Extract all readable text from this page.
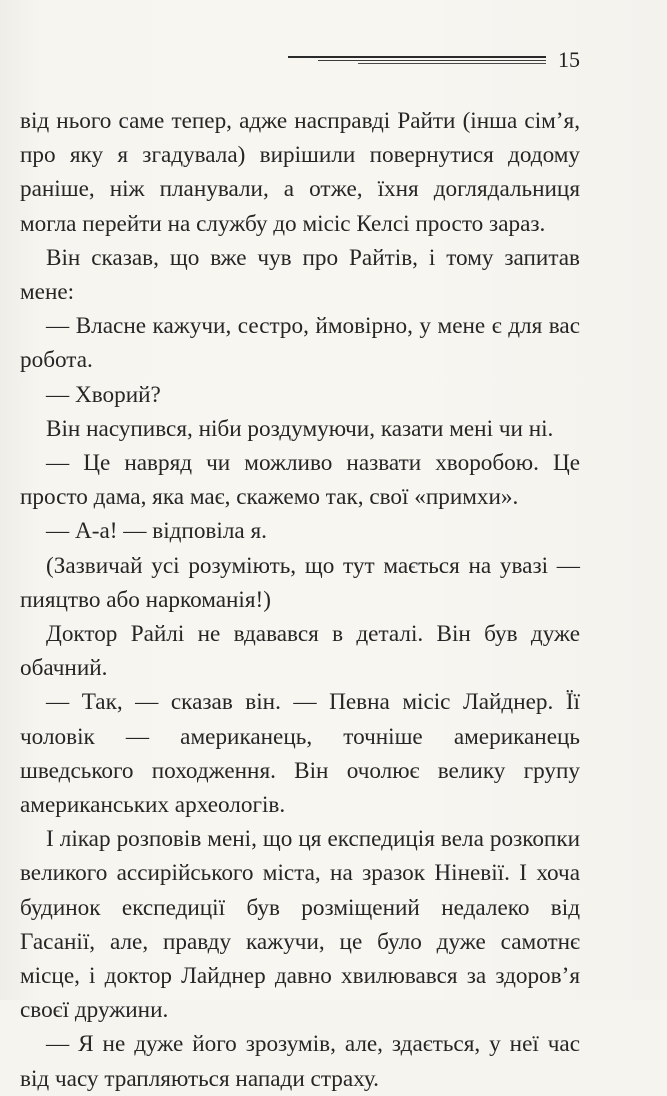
15

від нього саме тепер, адже насправді Райти (інша сім’я, про яку я згадувала) вирішили повернутися додому раніше, ніж планували, а отже, їхня доглядальниця могла перейти на службу до місіс Келсі просто зараз.

Він сказав, що вже чув про Райтів, і тому запитав мене:

— Власне кажучи, сестро, ймовірно, у мене є для вас робота.

— Хворий?

Він насупився, ніби роздумуючи, казати мені чи ні.

— Це навряд чи можливо назвати хворобою. Це просто дама, яка має, скажемо так, свої «примхи».

— А-а! — відповіла я.

(Зазвичай усі розуміють, що тут мається на увазі — пияцтво або наркоманія!)

Доктор Райлі не вдавався в деталі. Він був дуже обачний.

— Так, — сказав він. — Певна місіс Лайднер. Її чоловік — американець, точніше американець шведського походження. Він очолює велику групу американських археологів.

І лікар розповів мені, що ця експедиція вела розкопки великого ассирійського міста, на зразок Ніневії. І хоча будинок експедиції був розміщений недалеко від Гасанії, але, правду кажучи, це було дуже самотнє місце, і доктор Лайднер давно хвилювався за здоров’я своєї дружини.

— Я не дуже його зрозумів, але, здається, у неї час від часу трапляються напади страху.
